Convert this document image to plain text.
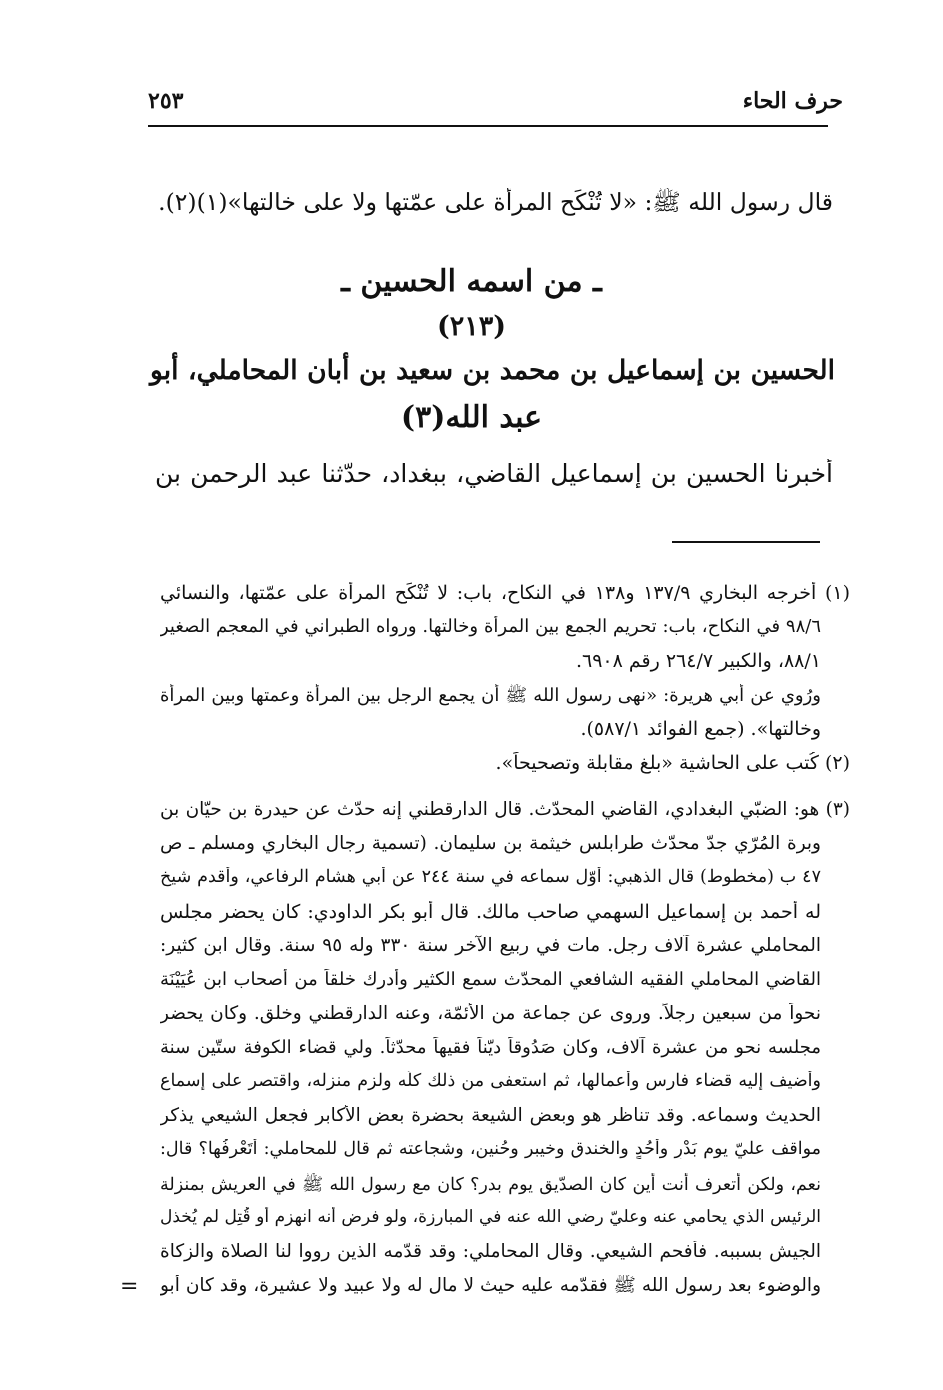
حرف الحاء
٢٥٣
قال رسول الله ﷺ: «لا تُنْكَح المرأة على عمّتها ولا على خالتها»(١)(٢).
ـ من اسمه الحسين ـ
(٢١٣)
الحسين بن إسماعيل بن محمد بن سعيد بن أبان المحاملي، أبو
عبد الله(٣)
أخبرنا الحسين بن إسماعيل القاضي، ببغداد، حدّثنا عبد الرحمن بن
(١) أخرجه البخاري ١٣٧/٩ و١٣٨ في النكاح، باب: لا تُنْكَح المرأة على عمّتها، والنسائي
٩٨/٦ في النكاح، باب: تحريم الجمع بين المرأة وخالتها. ورواه الطبراني في المعجم الصغير
٨٨/١، والكبير ٢٦٤/٧ رقم ٦٩٠٨.
ورُوي عن أبي هريرة: «نهى رسول الله ﷺ أن يجمع الرجل بين المرأة وعمتها وبين المرأة
وخالتها». (جمع الفوائد ٥٨٧/١).
(٢) كُتب على الحاشية «بلغ مقابلة وتصحيحاً».
(٣) هو: الضبّي البغدادي، القاضي المحدّث. قال الدارقطني إنه حدّث عن حيدرة بن حيّان بن
وبرة المُرّي جدّ محدّث طرابلس خيثمة بن سليمان. (تسمية رجال البخاري ومسلم ـ ص
٤٧ ب (مخطوط) قال الذهبي: أوّل سماعه في سنة ٢٤٤ عن أبي هشام الرفاعي، وأقدم شيخ
له أحمد بن إسماعيل السهمي صاحب مالك. قال أبو بكر الداودي: كان يحضر مجلس
المحاملي عشرة آلاف رجل. مات في ربيع الآخر سنة ٣٣٠ وله ٩٥ سنة. وقال ابن كثير:
القاضي المحاملي الفقيه الشافعي المحدّث سمع الكثير وأدرك خلقاً من أصحاب ابن عُيَيْنَة
نحواً من سبعين رجلاً. وروى عن جماعة من الأئمّة، وعنه الدارقطني وخلق. وكان يحضر
مجلسه نحو من عشرة آلاف، وكان صَدُوقاً ديّناً فقيهاً محدّثاً. ولي قضاء الكوفة ستّين سنة
وأضيف إليه قضاء فارس وأعمالها، ثم استعفى من ذلك كلّه ولزم منزله، واقتصر على إسماع
الحديث وسماعه. وقد تناظر هو وبعض الشيعة بحضرة بعض الأكابر فجعل الشيعي يذكر
مواقف عليّ يوم بَدْرٍ وأُحُدٍ والخندق وخيبر وحُنين، وشجاعته ثم قال للمحاملي: أتَعْرِفُها؟ قال:
نعم، ولكن أتعرف أنت أين كان الصدّيق يوم بدر؟ كان مع رسول الله ﷺ في العريش بمنزلة
الرئيس الذي يحامي عنه وعليّ رضي الله عنه في المبارزة، ولو فرض أنه انهزم أو قُتِل لم يُخذل
الجيش بسببه. فأفحم الشيعي. وقال المحاملي: وقد قدّمه الذين رووا لنا الصلاة والزكاة
والوضوء بعد رسول الله ﷺ فقدّمه عليه حيث لا مال له ولا عبيد ولا عشيرة، وقد كان أبو
=
